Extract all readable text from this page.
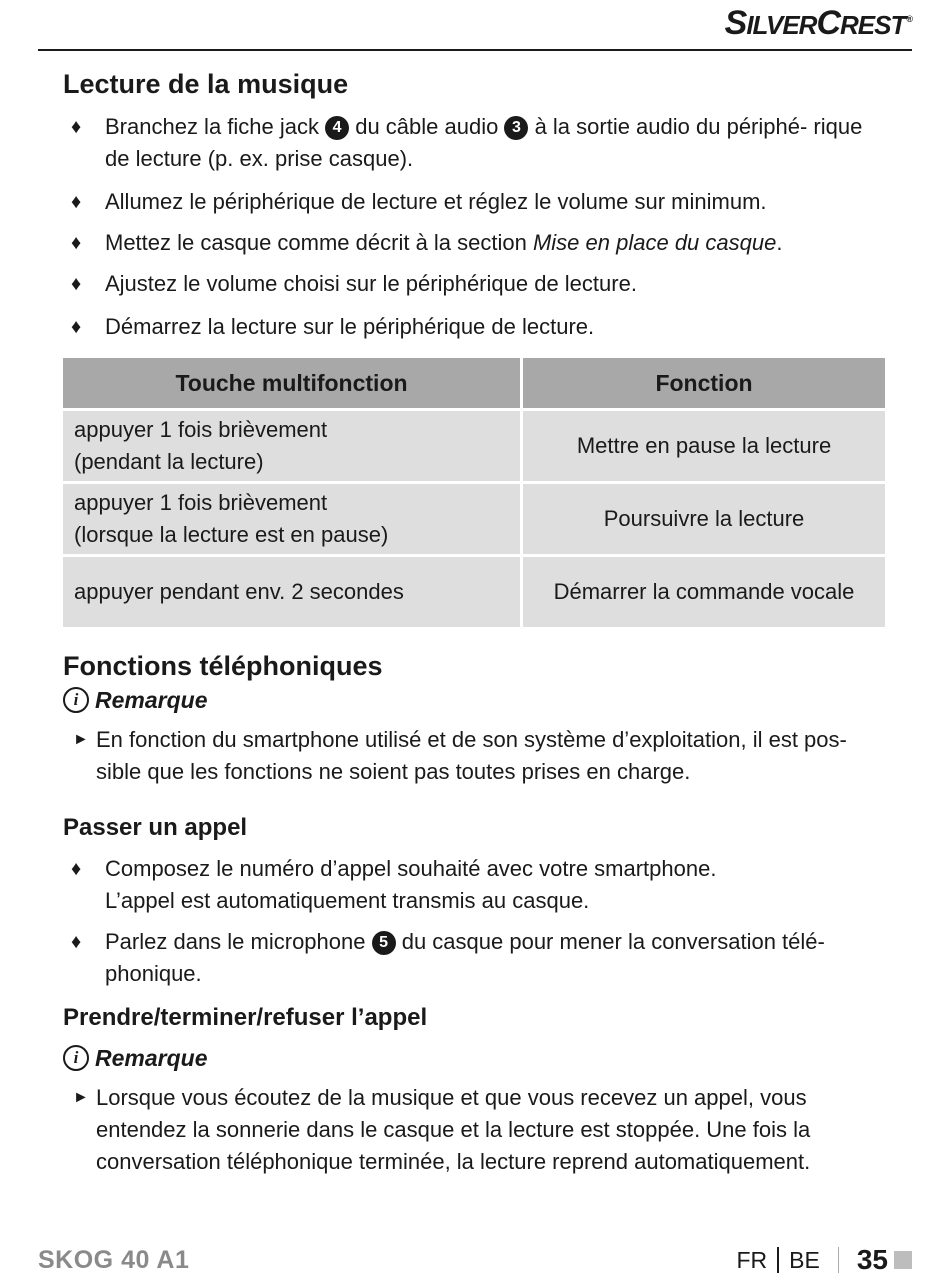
SILVERCREST®
Lecture de la musique
♦ Branchez la fiche jack 4 du câble audio 3 à la sortie audio du périphé- rique de lecture (p. ex. prise casque).
♦ Allumez le périphérique de lecture et réglez le volume sur minimum.
♦ Mettez le casque comme décrit à la section Mise en place du casque.
♦ Ajustez le volume choisi sur le périphérique de lecture.
♦ Démarrez la lecture sur le périphérique de lecture.
Touche multifonction	Fonction
appuyer 1 fois brièvement
(pendant la lecture)	Mettre en pause la lecture
appuyer 1 fois brièvement
(lorsque la lecture est en pause)	Poursuivre la lecture
appuyer pendant env. 2 secondes	Démarrer la commande vocale
Fonctions téléphoniques
i Remarque
► En fonction du smartphone utilisé et de son système d’exploitation, il est pos- sible que les fonctions ne soient pas toutes prises en charge.
Passer un appel
♦ Composez le numéro d’appel souhaité avec votre smartphone.
L’appel est automatiquement transmis au casque.
♦ Parlez dans le microphone 5 du casque pour mener la conversation télé- phonique.
Prendre/terminer/refuser l’appel
i Remarque
► Lorsque vous écoutez de la musique et que vous recevez un appel, vous entendez la sonnerie dans le casque et la lecture est stoppée. Une fois la conversation téléphonique terminée, la lecture reprend automatiquement.
SKOG 40 A1	FR BE 35
